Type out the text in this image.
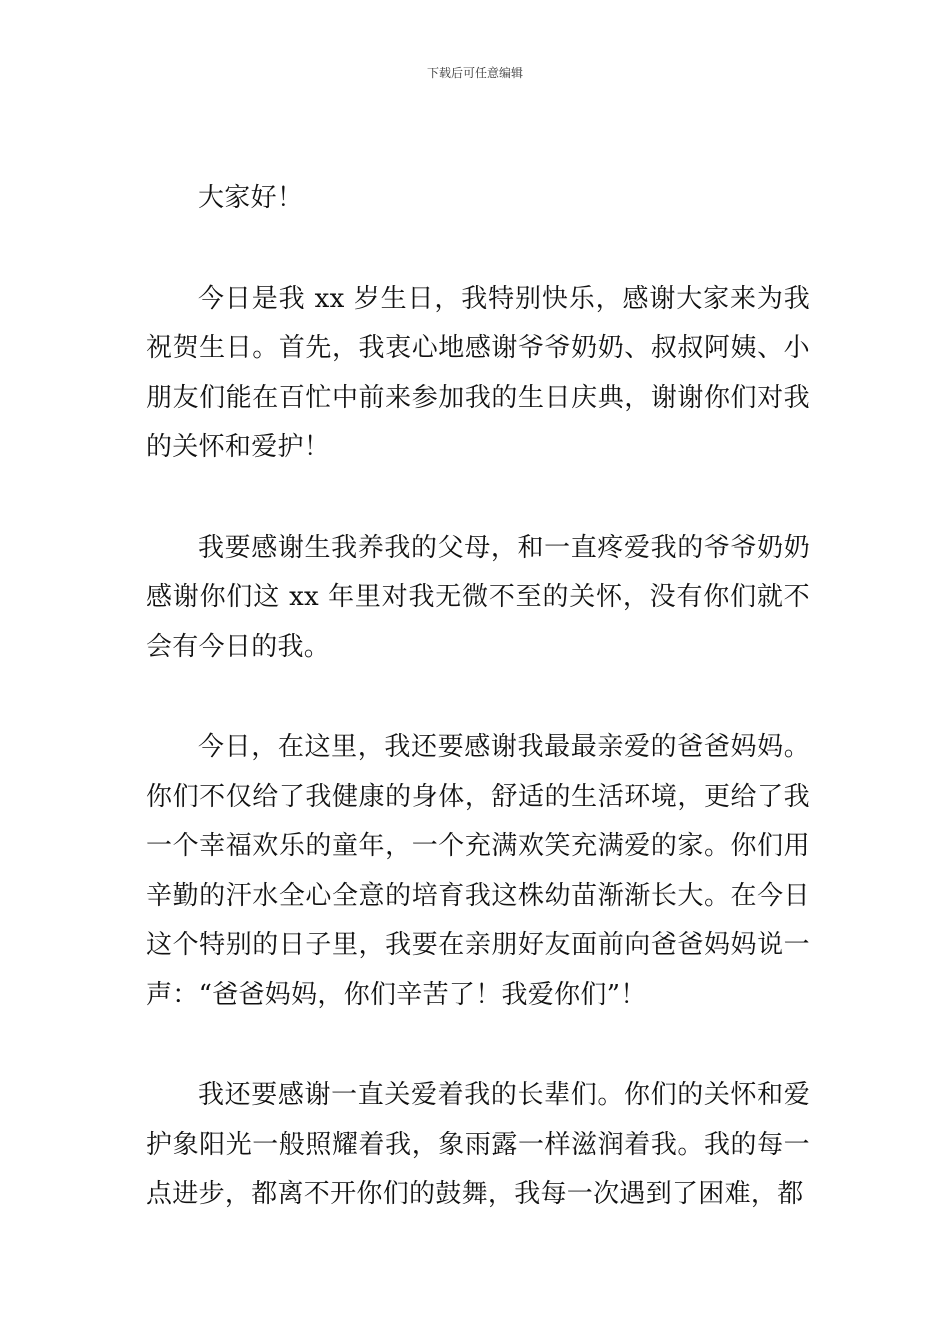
下载后可任意编辑

大家好！

今日是我 xx 岁生日，我特别快乐，感谢大家来为我祝贺生日。首先，我衷心地感谢爷爷奶奶、叔叔阿姨、小朋友们能在百忙中前来参加我的生日庆典，谢谢你们对我的关怀和爱护！

我要感谢生我养我的父母，和一直疼爱我的爷爷奶奶感谢你们这 xx 年里对我无微不至的关怀，没有你们就不会有今日的我。

今日，在这里，我还要感谢我最最亲爱的爸爸妈妈。你们不仅给了我健康的身体，舒适的生活环境，更给了我一个幸福欢乐的童年，一个充满欢笑充满爱的家。你们用辛勤的汗水全心全意的培育我这株幼苗渐渐长大。在今日这个特别的日子里，我要在亲朋好友面前向爸爸妈妈说一声：“爸爸妈妈，你们辛苦了！我爱你们”！

我还要感谢一直关爱着我的长辈们。你们的关怀和爱护象阳光一般照耀着我，象雨露一样滋润着我。我的每一点进步，都离不开你们的鼓舞，我每一次遇到了困难，都
